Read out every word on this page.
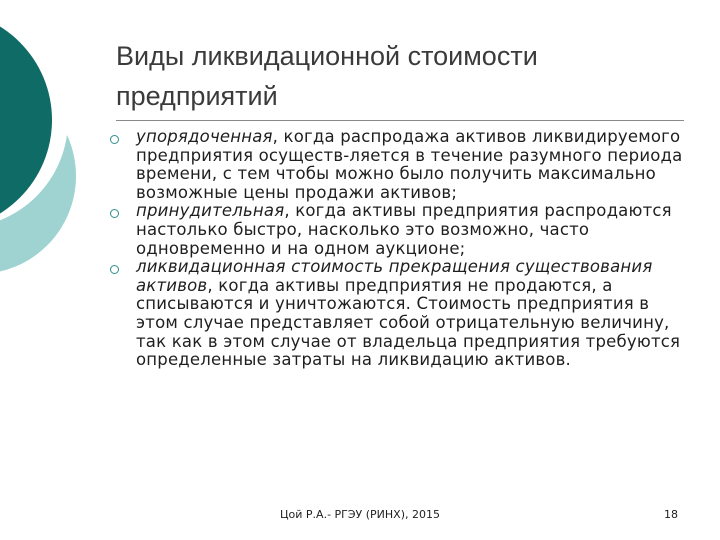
Виды ликвидационной стоимости предприятий
упорядоченная, когда распродажа активов ликвидируемого предприятия осуществ-ляется в течение разумного периода времени, с тем чтобы можно было получить максимально возможные цены продажи активов;
принудительная, когда активы предприятия распродаются настолько быстро, насколько это возможно, часто одновременно и на одном аукционе;
ликвидационная стоимость прекращения существования активов, когда активы предприятия не продаются, а списываются и уничтожаются. Стоимость предприятия в этом случае представляет собой отрицательную величину, так как в этом случае от владельца предприятия требуются определенные затраты на ликвидацию активов.
Цой Р.А.- РГЭУ (РИНХ), 2015	18
